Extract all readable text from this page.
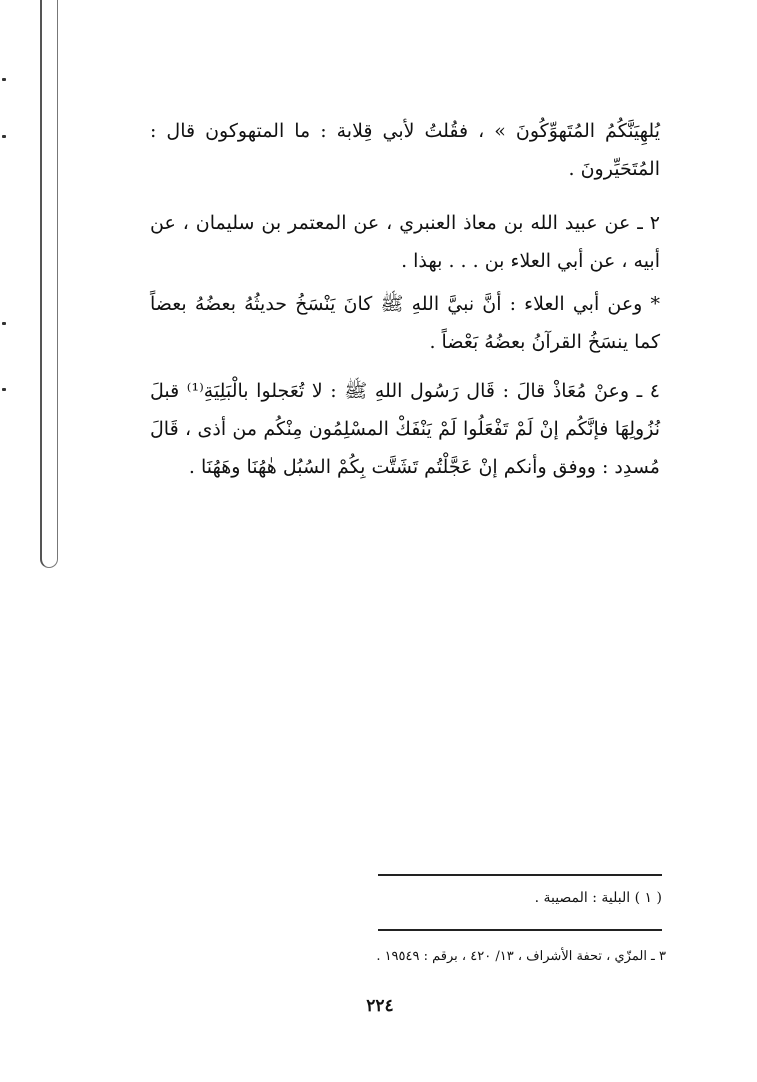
يُلهِيَنَّكُمُ المُتَهوِّكُونَ » ، فقُلتُ لأبي قِلابة : ما المتهوكون قال : المُتَحَيِّرونَ .
٢ ـ عن عبيد الله بن معاذ العنبري ، عن المعتمر بن سليمان ، عن أبيه ، عن أبي العلاء بن . . . بهذا .
* وعن أبي العلاء : أنَّ نبيَّ اللهِ ﷺ كانَ يَنْسَخُ حديثُهُ بعضُهُ بعضاً كما ينسَخُ القرآنُ بعضُهُ بَعْضاً .
٤ ـ وعنْ مُعَاذْ قالَ : قَال رَسُول اللهِ ﷺ : لا تُعَجلوا بالْبَلِيَةِ⁽¹⁾ قبلَ نُزُولِهَا فإنَّكُم إنْ لَمْ تَفْعَلُوا لَمْ يَنْفَكْ المسْلِمُون مِنْكُم من أذى ، قَالَ مُسدِد : ووفق وأنكم إنْ عَجَّلْتُم تَشَتَّت بِكُمْ السُبُل هٰهُنَا وهَهُنَا .
( ١ ) البلية : المصيبة .
٣ ـ المزّي ، تحفة الأشراف ، ١٣/ ٤٢٠ ، برقم : ١٩٥٤٩ .
٢٢٤
